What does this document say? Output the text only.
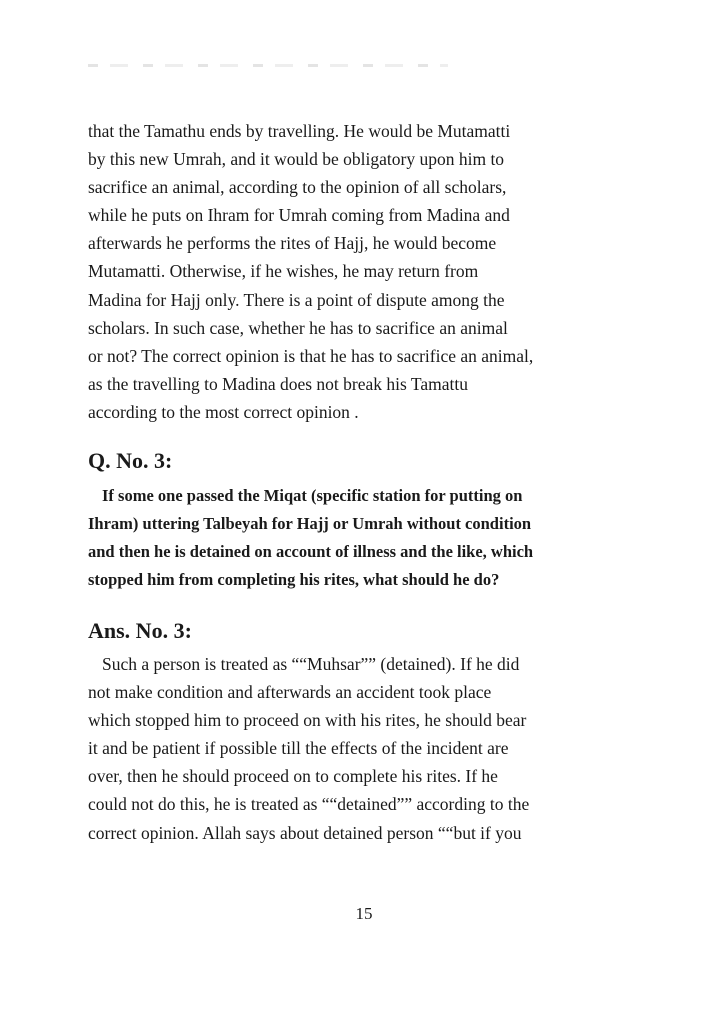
that the Tamathu ends by travelling. He would be Mutamatti
by this new Umrah, and it would be obligatory upon him to
sacrifice an animal, according to the opinion of all scholars,
while he puts on Ihram for Umrah coming from Madina and
afterwards he performs the rites of Hajj, he would become
Mutamatti. Otherwise, if he wishes, he may return from
Madina for Hajj only. There is a point of dispute among the
scholars. In such case, whether he has to sacrifice an animal
or not? The correct opinion is that he has to sacrifice an animal,
as the travelling to Madina does not break his Tamattu
according to the most correct opinion .

Q. No. 3:

If some one passed the Miqat (specific station for putting on
Ihram) uttering Talbeyah for Hajj or Umrah without condition
and then he is detained on account of illness and the like, which
stopped him from completing his rites, what should he do?

Ans. No. 3:

Such a person is treated as ““Muhsar”” (detained). If he did
not make condition and afterwards an accident took place
which stopped him to proceed on with his rites, he should bear
it and be patient if possible till the effects of the incident are
over, then he should proceed on to complete his rites. If he
could not do this, he is treated as ““detained”” according to the
correct opinion. Allah says about detained person ““but if you

15
